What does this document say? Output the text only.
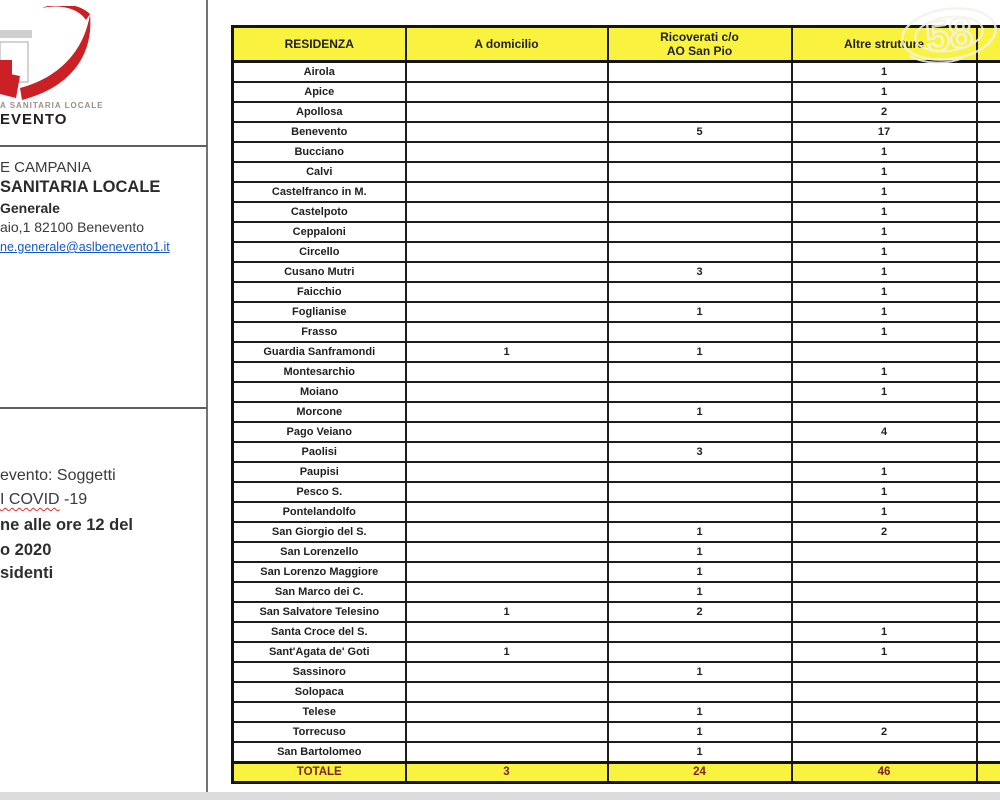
A SANITARIA LOCALE
EVENTO
E CAMPANIA
SANITARIA LOCALE
Generale
aio,1 82100 Benevento
ne.generale@aslbenevento1.it
evento: Soggetti
I COVID -19
ne alle ore 12 del
o 2020
sidenti
RESIDENZA	A domicilio	Ricoverati c/o
AO San Pio	Altre strutture	
Airola			1	
Apice			1	
Apollosa			2	
Benevento		5	17	
Bucciano			1	
Calvi			1	
Castelfranco in M.			1	
Castelpoto			1	
Ceppaloni			1	
Circello			1	
Cusano Mutri		3	1	
Faicchio			1	
Foglianise		1	1	
Frasso			1	
Guardia Sanframondi	1	1		
Montesarchio			1	
Moiano			1	
Morcone		1		
Pago Veiano			4	
Paolisi		3		
Paupisi			1	
Pesco S.			1	
Pontelandolfo			1	
San Giorgio del S.		1	2	
San Lorenzello		1		
San Lorenzo Maggiore		1		
San Marco dei C.		1		
San Salvatore Telesino	1	2		
Santa Croce del S.			1	
Sant'Agata de' Goti	1		1	
Sassinoro		1		
Solopaca				
Telese		1		
Torrecuso		1	2	
San Bartolomeo		1		
TOTALE	3	24	46	
58
